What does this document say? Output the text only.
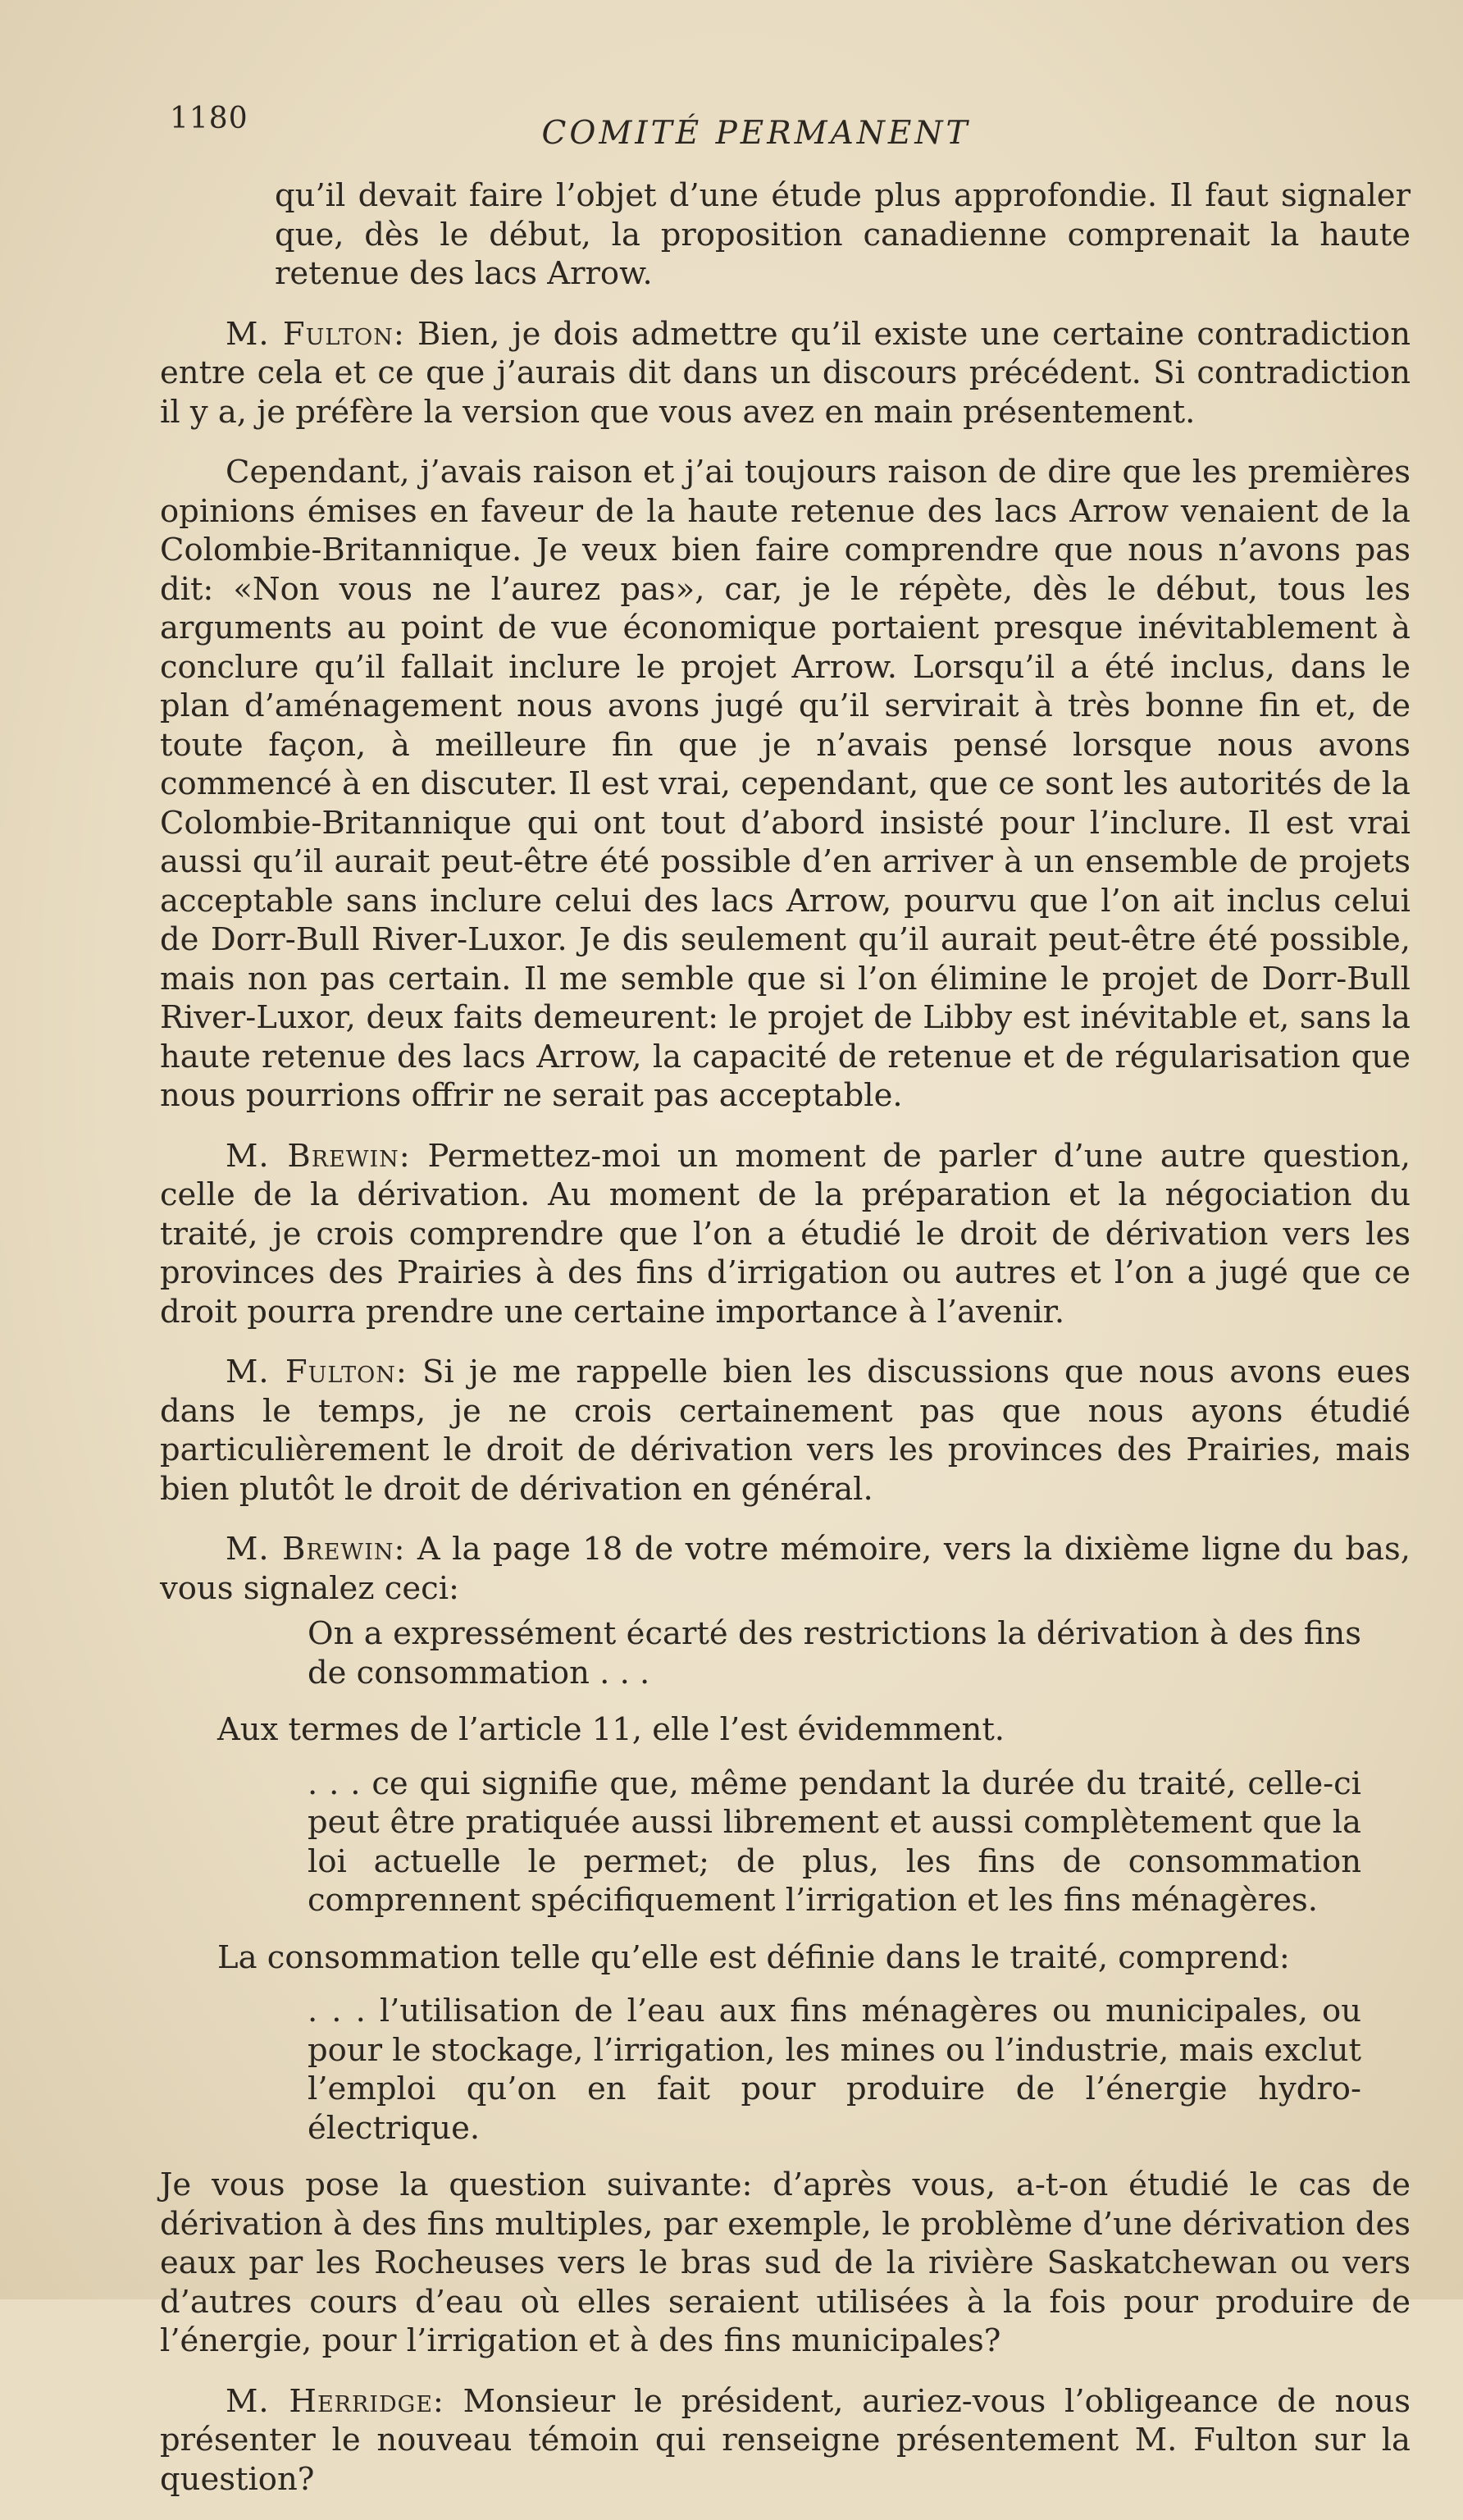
1180	COMITÉ PERMANENT

qu’il devait faire l’objet d’une étude plus approfondie. Il faut signaler que, dès le début, la proposition canadienne comprenait la haute retenue des lacs Arrow.

M. Fulton: Bien, je dois admettre qu’il existe une certaine contradiction entre cela et ce que j’aurais dit dans un discours précédent. Si contradiction il y a, je préfère la version que vous avez en main présentement.

Cependant, j’avais raison et j’ai toujours raison de dire que les premières opinions émises en faveur de la haute retenue des lacs Arrow venaient de la Colombie-Britannique. Je veux bien faire comprendre que nous n’avons pas dit: «Non vous ne l’aurez pas», car, je le répète, dès le début, tous les arguments au point de vue économique portaient presque inévitablement à conclure qu’il fallait inclure le projet Arrow. Lorsqu’il a été inclus, dans le plan d’aménagement nous avons jugé qu’il servirait à très bonne fin et, de toute façon, à meilleure fin que je n’avais pensé lorsque nous avons commencé à en discuter. Il est vrai, cependant, que ce sont les autorités de la Colombie-Britannique qui ont tout d’abord insisté pour l’inclure. Il est vrai aussi qu’il aurait peut-être été possible d’en arriver à un ensemble de projets acceptable sans inclure celui des lacs Arrow, pourvu que l’on ait inclus celui de Dorr-Bull River-Luxor. Je dis seulement qu’il aurait peut-être été possible, mais non pas certain. Il me semble que si l’on élimine le projet de Dorr-Bull River-Luxor, deux faits demeurent: le projet de Libby est inévitable et, sans la haute retenue des lacs Arrow, la capacité de retenue et de régularisation que nous pourrions offrir ne serait pas acceptable.

M. Brewin: Permettez-moi un moment de parler d’une autre question, celle de la dérivation. Au moment de la préparation et la négociation du traité, je crois comprendre que l’on a étudié le droit de dérivation vers les provinces des Prairies à des fins d’irrigation ou autres et l’on a jugé que ce droit pourra prendre une certaine importance à l’avenir.

M. Fulton: Si je me rappelle bien les discussions que nous avons eues dans le temps, je ne crois certainement pas que nous ayons étudié particulièrement le droit de dérivation vers les provinces des Prairies, mais bien plutôt le droit de dérivation en général.

M. Brewin: A la page 18 de votre mémoire, vers la dixième ligne du bas, vous signalez ceci:

On a expressément écarté des restrictions la dérivation à des fins de consommation . . .

Aux termes de l’article 11, elle l’est évidemment.

. . . ce qui signifie que, même pendant la durée du traité, celle-ci peut être pratiquée aussi librement et aussi complètement que la loi actuelle le permet; de plus, les fins de consommation comprennent spécifiquement l’irrigation et les fins ménagères.

La consommation telle qu’elle est définie dans le traité, comprend:

. . . l’utilisation de l’eau aux fins ménagères ou municipales, ou pour le stockage, l’irrigation, les mines ou l’industrie, mais exclut l’emploi qu’on en fait pour produire de l’énergie hydro-électrique.

Je vous pose la question suivante: d’après vous, a-t-on étudié le cas de dérivation à des fins multiples, par exemple, le problème d’une dérivation des eaux par les Rocheuses vers le bras sud de la rivière Saskatchewan ou vers d’autres cours d’eau où elles seraient utilisées à la fois pour produire de l’énergie, pour l’irrigation et à des fins municipales?

M. Herridge: Monsieur le président, auriez-vous l’obligeance de nous présenter le nouveau témoin qui renseigne présentement M. Fulton sur la question?
